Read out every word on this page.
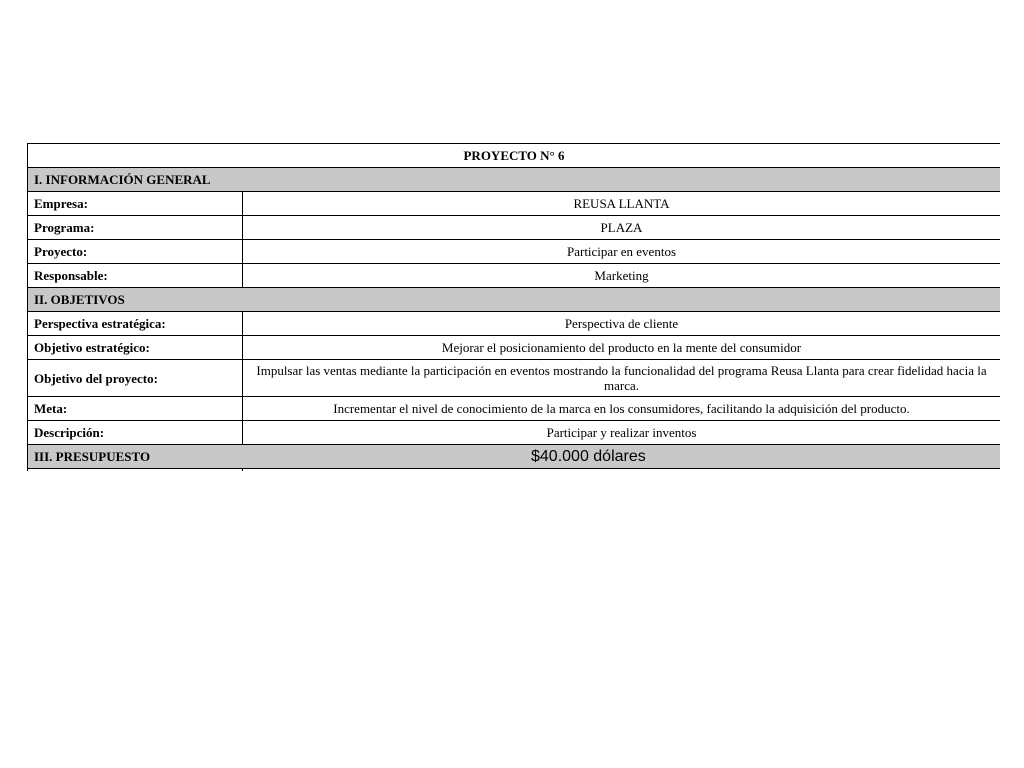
PROYECTO N° 6	
I. INFORMACIÓN GENERAL	
Empresa:	REUSA LLANTA
Programa:	PLAZA
Proyecto:	Participar en eventos
Responsable:	Marketing
II. OBJETIVOS	
Perspectiva estratégica:	Perspectiva de cliente
Objetivo estratégico:	Mejorar el posicionamiento del producto en la mente del consumidor
Objetivo del proyecto:	Impulsar las ventas mediante la participación en eventos mostrando la funcionalidad del programa Reusa Llanta para crear fidelidad hacia la marca.
Meta:	Incrementar el nivel de conocimiento de la marca en los consumidores, facilitando la adquisición del producto.
Descripción:	Participar y realizar inventos
III. PRESUPUESTO $40.000 dólares	
